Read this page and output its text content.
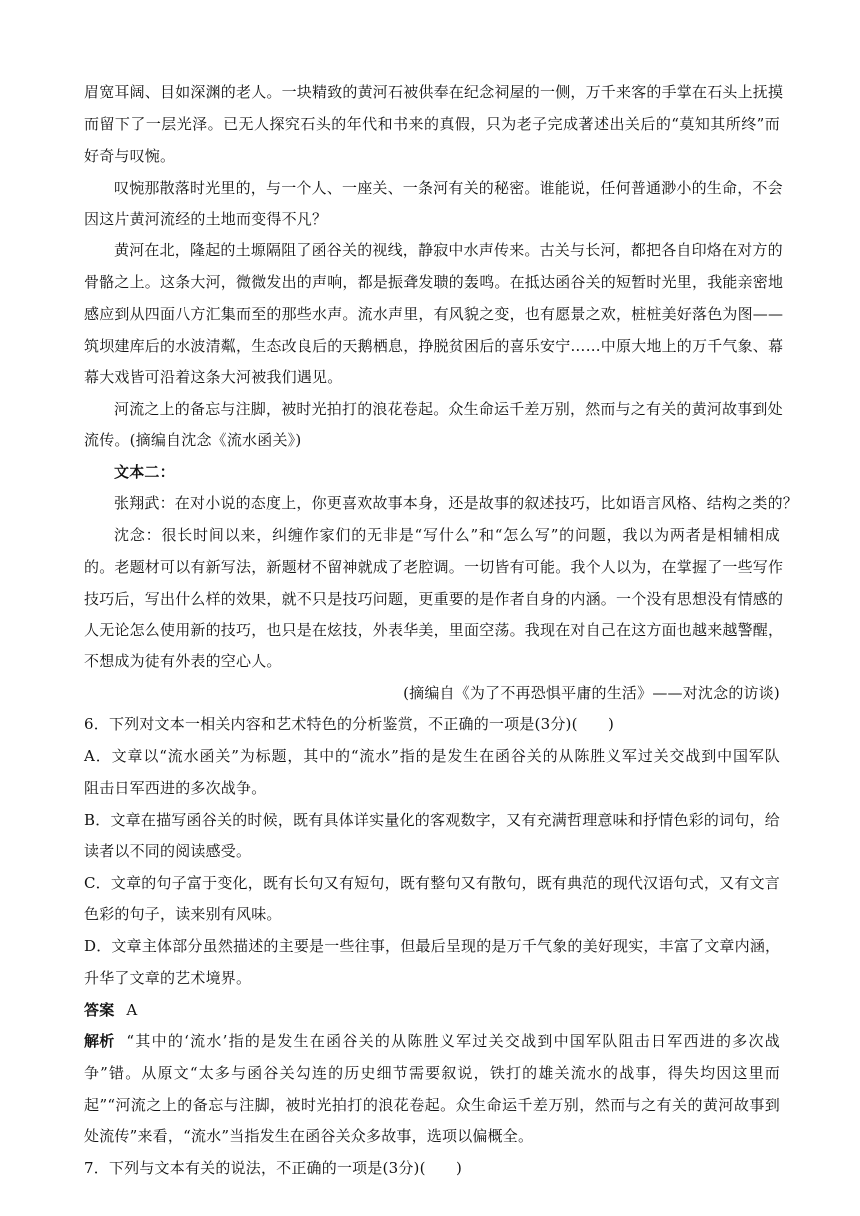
眉宽耳阔、目如深渊的老人。一块精致的黄河石被供奉在纪念祠屋的一侧，万千来客的手掌在石头上抚摸
而留下了一层光泽。已无人探究石头的年代和书来的真假，只为老子完成著述出关后的“莫知其所终”而
好奇与叹惋。
叹惋那散落时光里的，与一个人、一座关、一条河有关的秘密。谁能说，任何普通渺小的生命，不会
因这片黄河流经的土地而变得不凡？
黄河在北，隆起的土塬隔阻了函谷关的视线，静寂中水声传来。古关与长河，都把各自印烙在对方的
骨骼之上。这条大河，微微发出的声响，都是振聋发聩的轰鸣。在抵达函谷关的短暂时光里，我能亲密地
感应到从四面八方汇集而至的那些水声。流水声里，有风貌之变，也有愿景之欢，桩桩美好落色为图——
筑坝建库后的水波清粼，生态改良后的天鹅栖息，挣脱贫困后的喜乐安宁……中原大地上的万千气象、幕
幕大戏皆可沿着这条大河被我们遇见。
河流之上的备忘与注脚，被时光拍打的浪花卷起。众生命运千差万别，然而与之有关的黄河故事到处
流传。(摘编自沈念《流水函关》)
文本二：
张翔武：在对小说的态度上，你更喜欢故事本身，还是故事的叙述技巧，比如语言风格、结构之类的？
沈念：很长时间以来，纠缠作家们的无非是“写什么”和“怎么写”的问题，我以为两者是相辅相成
的。老题材可以有新写法，新题材不留神就成了老腔调。一切皆有可能。我个人以为，在掌握了一些写作
技巧后，写出什么样的效果，就不只是技巧问题，更重要的是作者自身的内涵。一个没有思想没有情感的
人无论怎么使用新的技巧，也只是在炫技，外表华美，里面空荡。我现在对自己在这方面也越来越警醒，
不想成为徒有外表的空心人。
(摘编自《为了不再恐惧平庸的生活》——对沈念的访谈)
6．下列对文本一相关内容和艺术特色的分析鉴赏，不正确的一项是(3分)(　　)
A．文章以“流水函关”为标题，其中的“流水”指的是发生在函谷关的从陈胜义军过关交战到中国军队
阻击日军西进的多次战争。
B．文章在描写函谷关的时候，既有具体详实量化的客观数字，又有充满哲理意味和抒情色彩的词句，给
读者以不同的阅读感受。
C．文章的句子富于变化，既有长句又有短句，既有整句又有散句，既有典范的现代汉语句式，又有文言
色彩的句子，读来别有风味。
D．文章主体部分虽然描述的主要是一些往事，但最后呈现的是万千气象的美好现实，丰富了文章内涵，
升华了文章的艺术境界。
答案 A
解析 “其中的‘流水’指的是发生在函谷关的从陈胜义军过关交战到中国军队阻击日军西进的多次战
争”错。从原文“太多与函谷关勾连的历史细节需要叙说，铁打的雄关流水的战事，得失均因这里而
起”“河流之上的备忘与注脚，被时光拍打的浪花卷起。众生命运千差万别，然而与之有关的黄河故事到
处流传”来看，“流水”当指发生在函谷关众多故事，选项以偏概全。
7．下列与文本有关的说法，不正确的一项是(3分)(　　)
